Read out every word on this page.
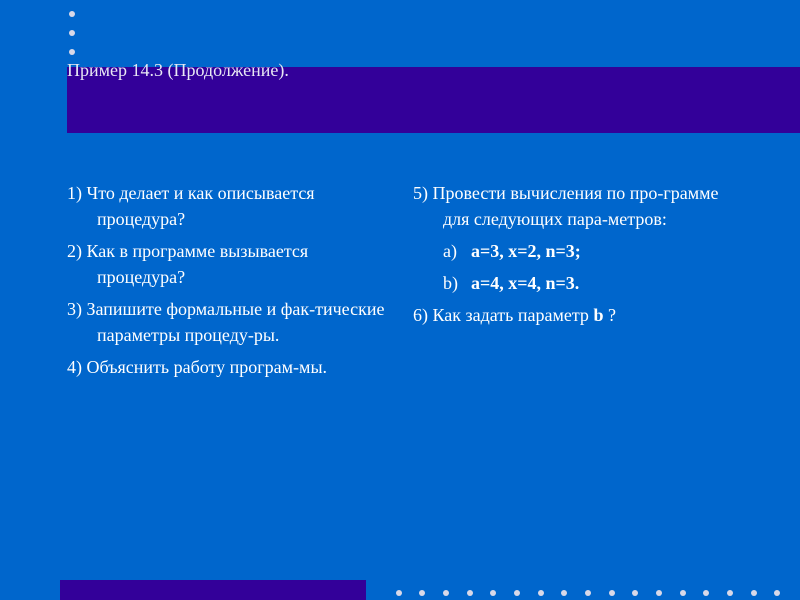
Пример 14.3 (Продолжение).

1) Что делает и как описывается процедура?

2) Как в программе вызывается

процедура?

3) Запишите формальные и фак-тические параметры процеду-ры.

4) Объяснить работу програм-мы.

5) Провести вычисления по про-грамме для следующих пара-метров:

a) a=3, x=2, n=3;

b) a=4, x=4, n=3.

6) Как задать параметр b ?
